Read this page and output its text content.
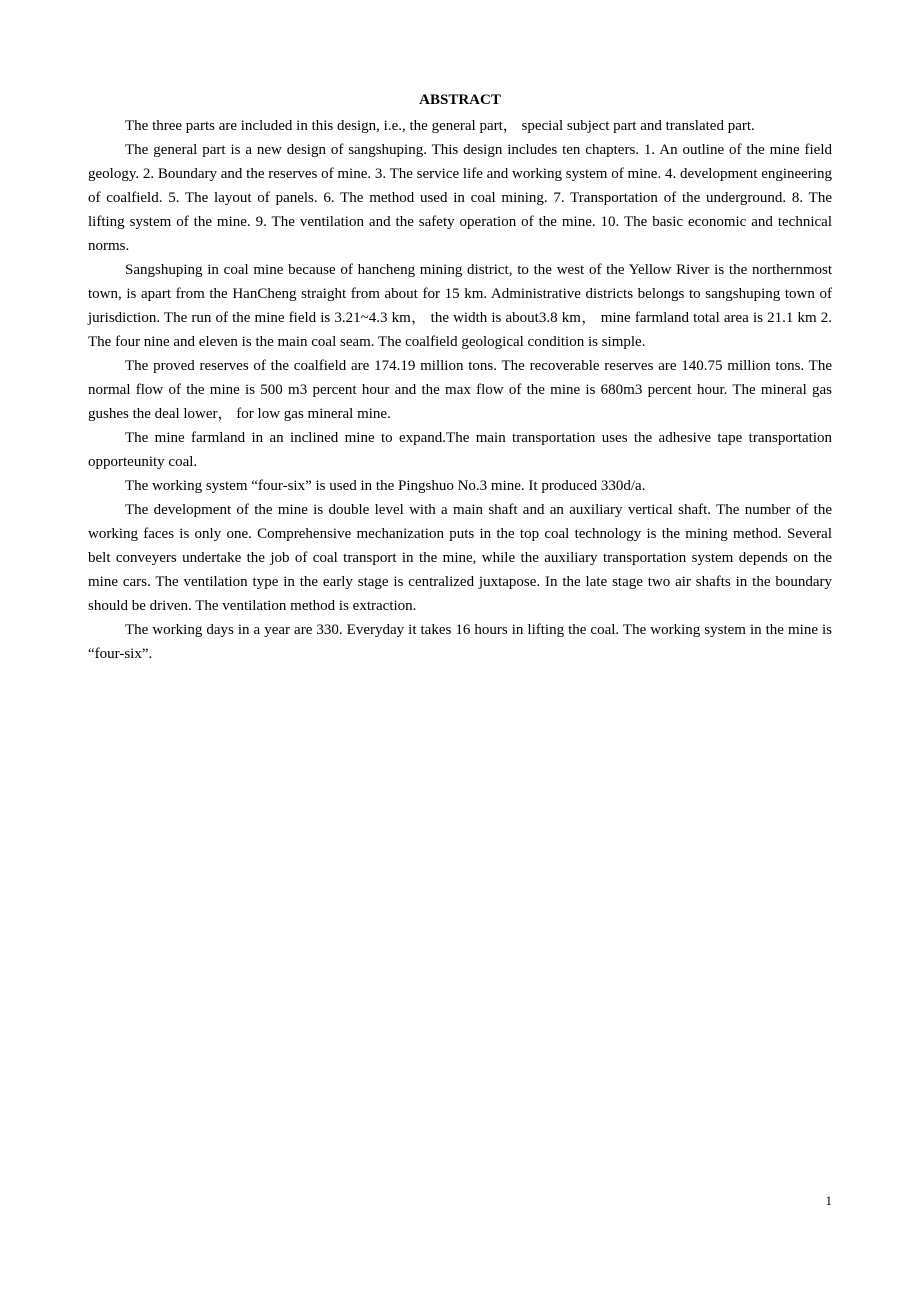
ABSTRACT

The three parts are included in this design, i.e., the general part， special subject part and translated part.

The general part is a new design of sangshuping. This design includes ten chapters. 1. An outline of the mine field geology. 2. Boundary and the reserves of mine. 3. The service life and working system of mine. 4. development engineering of coalfield. 5. The layout of panels. 6. The method used in coal mining. 7. Transportation of the underground. 8. The lifting system of the mine. 9. The ventilation and the safety operation of the mine. 10. The basic economic and technical norms.

Sangshuping in coal mine because of hancheng mining district, to the west of the Yellow River is the northernmost town, is apart from the HanCheng straight from about for 15 km. Administrative districts belongs to sangshuping town of jurisdiction. The run of the mine field is 3.21~4.3 km， the width is about3.8 km， mine farmland total area is 21.1 km 2. The four nine and eleven is the main coal seam. The coalfield geological condition is simple.

The proved reserves of the coalfield are 174.19 million tons. The recoverable reserves are 140.75 million tons. The normal flow of the mine is 500 m3 percent hour and the max flow of the mine is 680m3 percent hour. The mineral gas gushes the deal lower， for low gas mineral mine.

The mine farmland in an inclined mine to expand.The main transportation uses the adhesive tape transportation opporteunity coal.

The working system “four-six” is used in the Pingshuo No.3 mine. It produced 330d/a.

The development of the mine is double level with a main shaft and an auxiliary vertical shaft. The number of the working faces is only one. Comprehensive mechanization puts in the top coal technology is the mining method. Several belt conveyers undertake the job of coal transport in the mine, while the auxiliary transportation system depends on the mine cars. The ventilation type in the early stage is centralized juxtapose. In the late stage two air shafts in the boundary should be driven. The ventilation method is extraction.

The working days in a year are 330. Everyday it takes 16 hours in lifting the coal. The working system in the mine is “four-six”.

1
